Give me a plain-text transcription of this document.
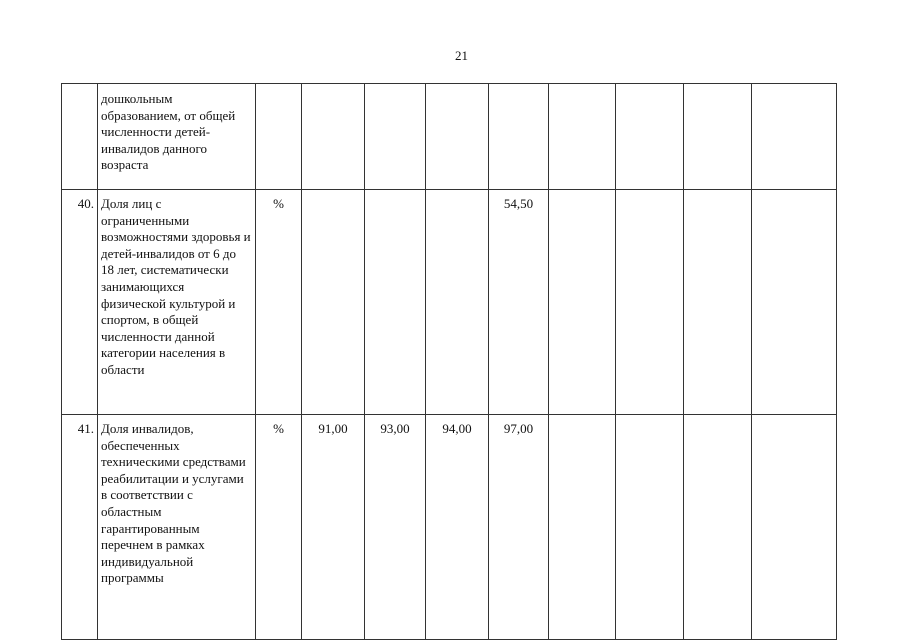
21
	дошкольным образованием, от общей численности детей-инвалидов данного возраста									
40.	Доля лиц с ограниченными возможностями здоровья и детей-инвалидов от 6 до 18 лет, систематически занимающихся физической культурой и спортом, в общей численности данной категории населения в области	%				54,50				
41.	Доля инвалидов, обеспеченных техническими средствами реабилитации и услугами в соответствии с областным гарантированным перечнем в рамках индивидуальной программы	%	91,00	93,00	94,00	97,00				
